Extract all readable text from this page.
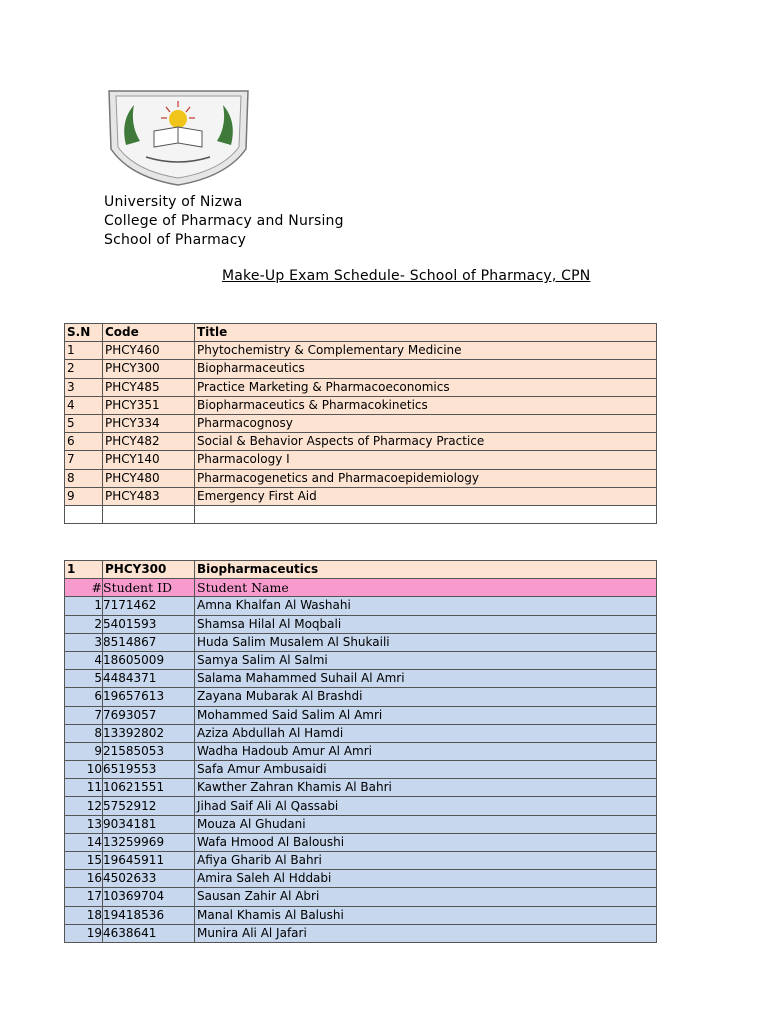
University of Nizwa
College of Pharmacy and Nursing
School of Pharmacy
Make-Up Exam Schedule- School of Pharmacy, CPN
S.N	Code	Title
1	PHCY460	Phytochemistry & Complementary Medicine
2	PHCY300	Biopharmaceutics
3	PHCY485	Practice Marketing & Pharmacoeconomics
4	PHCY351	Biopharmaceutics & Pharmacokinetics
5	PHCY334	Pharmacognosy
6	PHCY482	Social & Behavior Aspects of Pharmacy Practice
7	PHCY140	Pharmacology I
8	PHCY480	Pharmacogenetics and Pharmacoepidemiology
9	PHCY483	Emergency First Aid

1	PHCY300	Biopharmaceutics
#	Student ID	Student Name
1	7171462	Amna Khalfan Al Washahi
2	5401593	Shamsa Hilal Al Moqbali
3	8514867	Huda Salim Musalem Al Shukaili
4	18605009	Samya Salim Al Salmi
5	4484371	Salama Mahammed Suhail Al Amri
6	19657613	Zayana Mubarak Al Brashdi
7	7693057	Mohammed Said Salim Al Amri
8	13392802	Aziza Abdullah Al Hamdi
9	21585053	Wadha Hadoub Amur Al Amri
10	6519553	Safa Amur Ambusaidi
11	10621551	Kawther Zahran Khamis Al Bahri
12	5752912	Jihad Saif Ali Al Qassabi
13	9034181	Mouza Al Ghudani
14	13259969	Wafa Hmood Al Baloushi
15	19645911	Afiya Gharib Al Bahri
16	4502633	Amira Saleh Al Hddabi
17	10369704	Sausan Zahir Al Abri
18	19418536	Manal Khamis Al Balushi
19	4638641	Munira Ali Al Jafari
